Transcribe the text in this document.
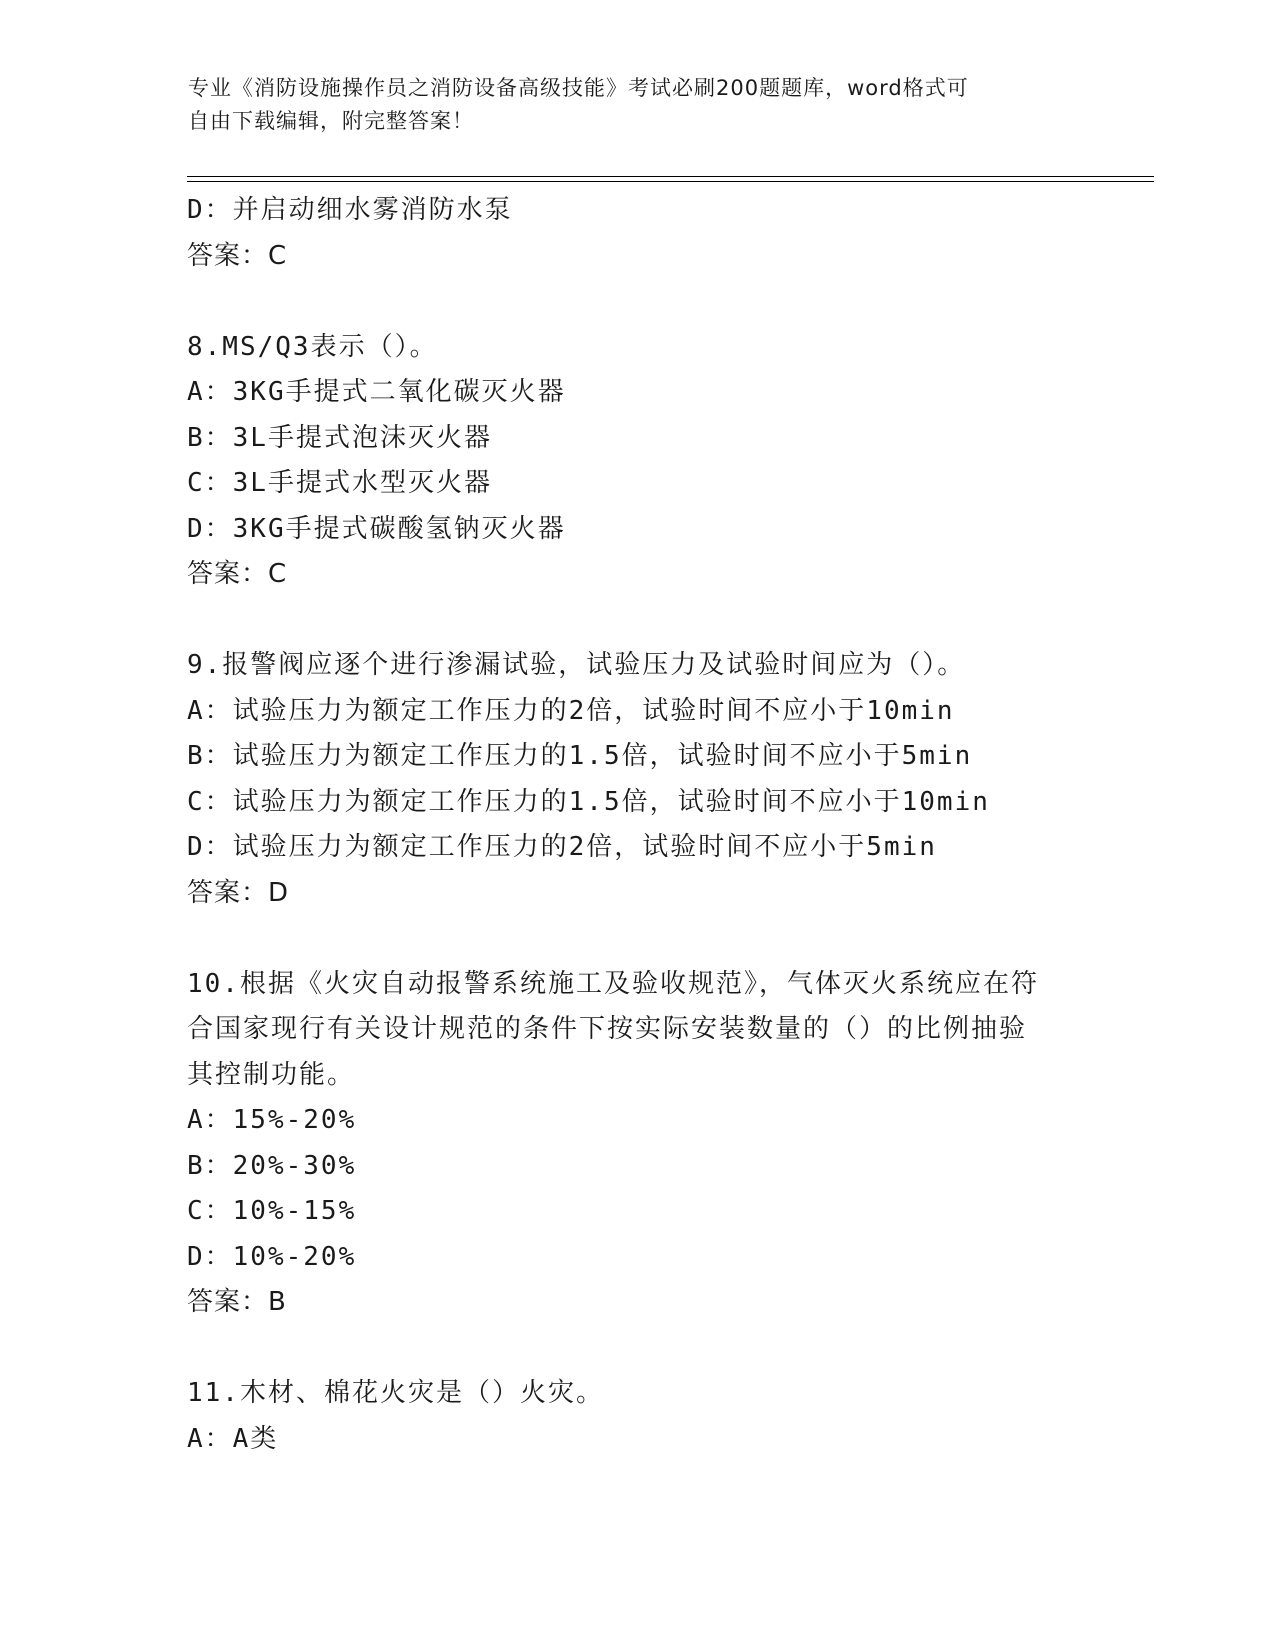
专业《消防设施操作员之消防设备高级技能》考试必刷200题题库，word格式可
自由下载编辑，附完整答案！
D：并启动细水雾消防水泵
答案：C
8.MS/Q3表示（）。
A：3KG手提式二氧化碳灭火器
B：3L手提式泡沫灭火器
C：3L手提式水型灭火器
D：3KG手提式碳酸氢钠灭火器
答案：C
9.报警阀应逐个进行渗漏试验，试验压力及试验时间应为（）。
A：试验压力为额定工作压力的2倍，试验时间不应小于10min
B：试验压力为额定工作压力的1.5倍，试验时间不应小于5min
C：试验压力为额定工作压力的1.5倍，试验时间不应小于10min
D：试验压力为额定工作压力的2倍，试验时间不应小于5min
答案：D
10.根据《火灾自动报警系统施工及验收规范》，气体灭火系统应在符
合国家现行有关设计规范的条件下按实际安装数量的（）的比例抽验
其控制功能。
A：15%-20%
B：20%-30%
C：10%-15%
D：10%-20%
答案：B
11.木材、棉花火灾是（）火灾。
A：A类
